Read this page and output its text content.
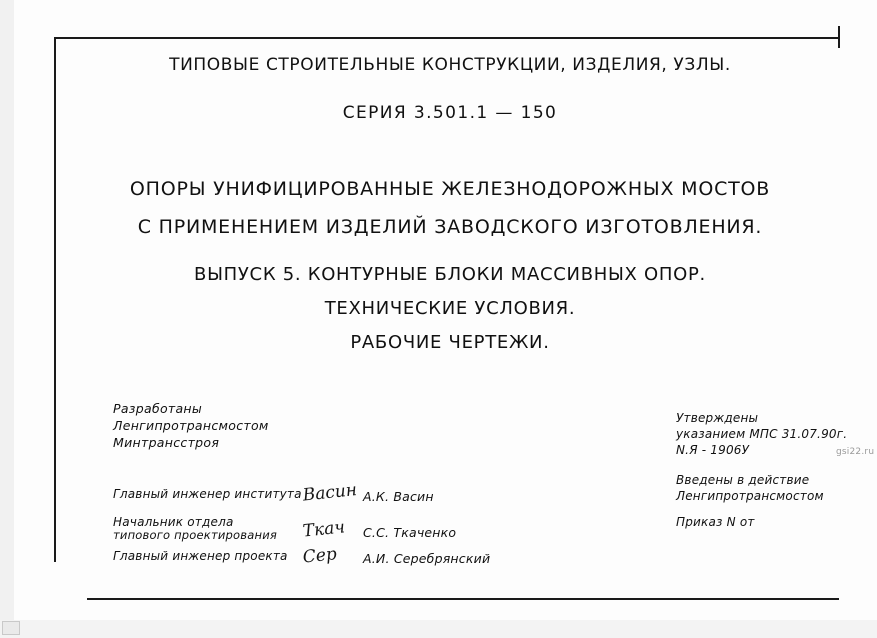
ТИПОВЫЕ СТРОИТЕЛЬНЫЕ КОНСТРУКЦИИ, ИЗДЕЛИЯ, УЗЛЫ.
СЕРИЯ 3.501.1 — 150
ОПОРЫ УНИФИЦИРОВАННЫЕ ЖЕЛЕЗНОДОРОЖНЫХ МОСТОВ
С ПРИМЕНЕНИЕМ ИЗДЕЛИЙ ЗАВОДСКОГО ИЗГОТОВЛЕНИЯ.
ВЫПУСК 5. КОНТУРНЫЕ БЛОКИ МАССИВНЫХ ОПОР.
ТЕХНИЧЕСКИЕ УСЛОВИЯ.
РАБОЧИЕ ЧЕРТЕЖИ.
Разработаны
Ленгипротрансмостом
Минтрансстроя
Главный инженер института Васин А.К. Васин
Начальник отдела
типового проектирования Ткач	С.С. Ткаченко
Главный инженер проекта Сер	А.И. Серебрянский
Утверждены
указанием МПС 31.07.90г.
N.Я - 1906У
Введены в действие
Ленгипротрансмостом
Приказ N от
gsi22.ru
